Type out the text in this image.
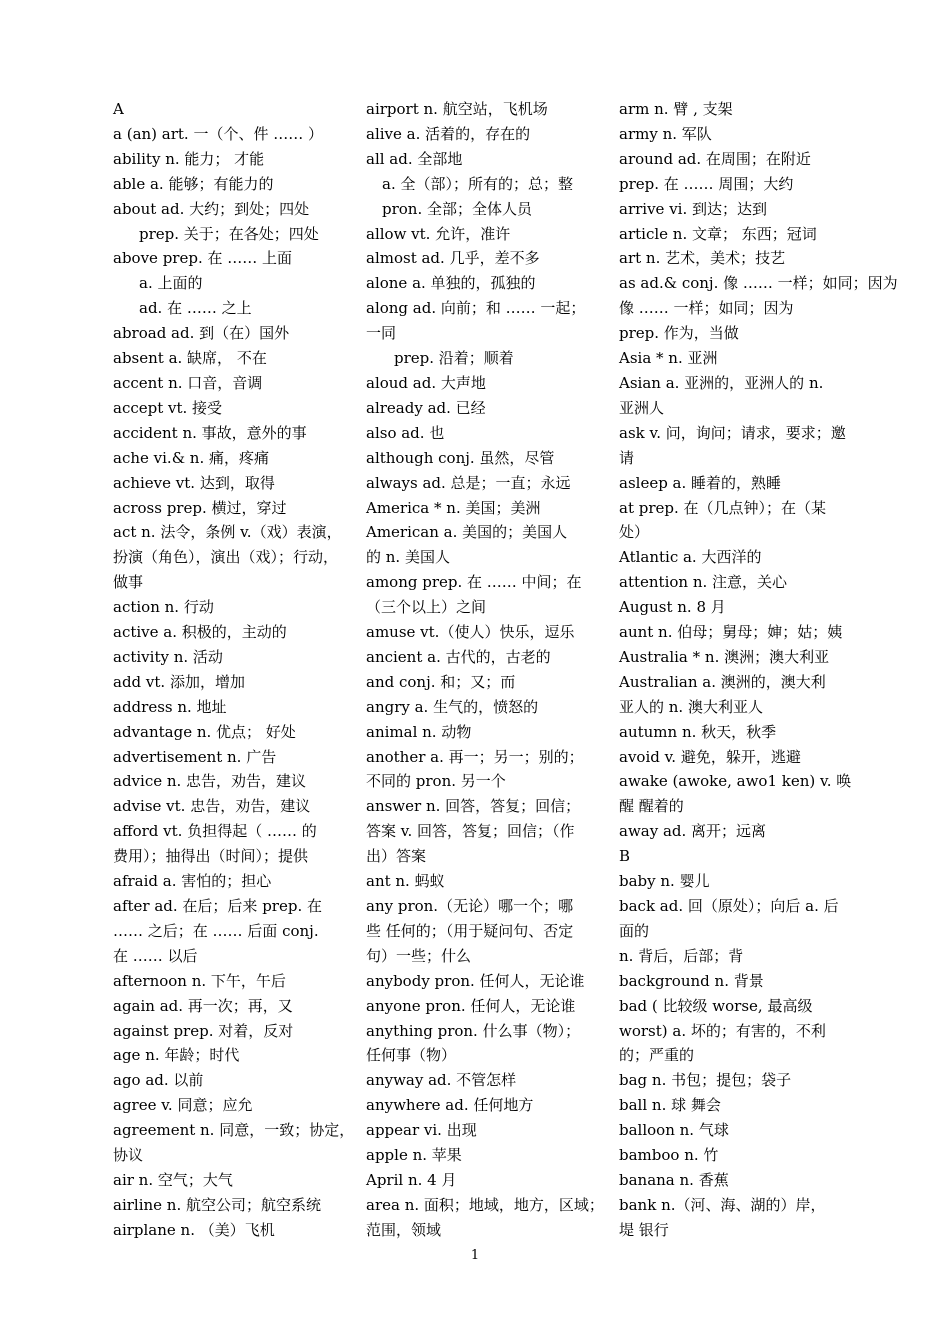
A
a (an) art. 一（个、件 …… ）
ability n. 能力； 才能
able a. 能够；有能力的
about ad. 大约；到处；四处
prep. 关于；在各处；四处
above prep. 在 …… 上面
a. 上面的
ad. 在 …… 之上
abroad ad. 到（在）国外
absent a. 缺席， 不在
accent n. 口音，音调
accept vt. 接受
accident n. 事故，意外的事
ache vi.& n. 痛，疼痛
achieve vt. 达到，取得
across prep. 横过，穿过
act n. 法令，条例 v.（戏）表演，
扮演（角色），演出（戏）；行动，
做事
action n. 行动
active a. 积极的，主动的
activity n. 活动
add vt. 添加，增加
address n. 地址
advantage n. 优点； 好处
advertisement n. 广告
advice n. 忠告，劝告，建议
advise vt. 忠告，劝告，建议
afford vt. 负担得起（ …… 的
费用）；抽得出（时间）；提供
afraid a. 害怕的；担心
after ad. 在后；后来 prep. 在
…… 之后；在 …… 后面 conj.
在 …… 以后
afternoon n. 下午，午后
again ad. 再一次；再，又
against prep. 对着，反对
age n. 年龄；时代
ago ad. 以前
agree v. 同意；应允
agreement n. 同意，一致；协定，
协议
air n. 空气；大气
airline n. 航空公司；航空系统
airplane n. （美）飞机
airport n. 航空站，飞机场
alive a. 活着的，存在的
all ad. 全部地
a. 全（部）；所有的；总；整
pron. 全部；全体人员
allow vt. 允许，准许
almost ad. 几乎，差不多
alone a. 单独的，孤独的
along ad. 向前；和 …… 一起；
一同
prep. 沿着；顺着
aloud ad. 大声地
already ad. 已经
also ad. 也
although conj. 虽然，尽管
always ad. 总是；一直；永远
America * n. 美国；美洲
American a. 美国的；美国人
的 n. 美国人
among prep. 在 …… 中间；在
（三个以上）之间
amuse vt.（使人）快乐，逗乐
ancient a. 古代的，古老的
and conj. 和；又；而
angry a. 生气的，愤怒的
animal n. 动物
another a. 再一；另一；别的；
不同的 pron. 另一个
answer n. 回答，答复；回信；
答案 v. 回答，答复；回信；（作
出）答案
ant n. 蚂蚁
any pron.（无论）哪一个；哪
些 任何的；（用于疑问句、否定
句）一些；什么
anybody pron. 任何人，无论谁
anyone pron. 任何人，无论谁
anything pron. 什么事（物）；
任何事（物）
anyway ad. 不管怎样
anywhere ad. 任何地方
appear vi. 出现
apple n. 苹果
April n. 4 月
area n. 面积；地域，地方，区域；
范围，领域
arm n. 臂 , 支架
army n. 军队
around ad. 在周围；在附近
prep. 在 …… 周围；大约
arrive vi. 到达；达到
article n. 文章； 东西；冠词
art n. 艺术，美术；技艺
as ad.& conj. 像 …… 一样；如同；因为
像 …… 一样；如同；因为
prep. 作为，当做
Asia * n. 亚洲
Asian a. 亚洲的，亚洲人的 n.
亚洲人
ask v. 问，询问；请求，要求；邀
请
asleep a. 睡着的，熟睡
at prep. 在（几点钟）；在（某
处）
Atlantic a. 大西洋的
attention n. 注意，关心
August n. 8 月
aunt n. 伯母；舅母；婶；姑；姨
Australia * n. 澳洲；澳大利亚
Australian a. 澳洲的，澳大利
亚人的 n. 澳大利亚人
autumn n. 秋天，秋季
avoid v. 避免，躲开，逃避
awake (awoke, awo1 ken) v. 唤
醒 醒着的
away ad. 离开；远离
B
baby n. 婴儿
back ad. 回（原处）；向后 a. 后
面的
n. 背后，后部；背
background n. 背景
bad ( 比较级 worse, 最高级
worst) a. 坏的；有害的，不利
的；严重的
bag n. 书包；提包；袋子
ball n. 球 舞会
balloon n. 气球
bamboo n. 竹
banana n. 香蕉
bank n.（河、海、湖的）岸，
堤 银行
1
